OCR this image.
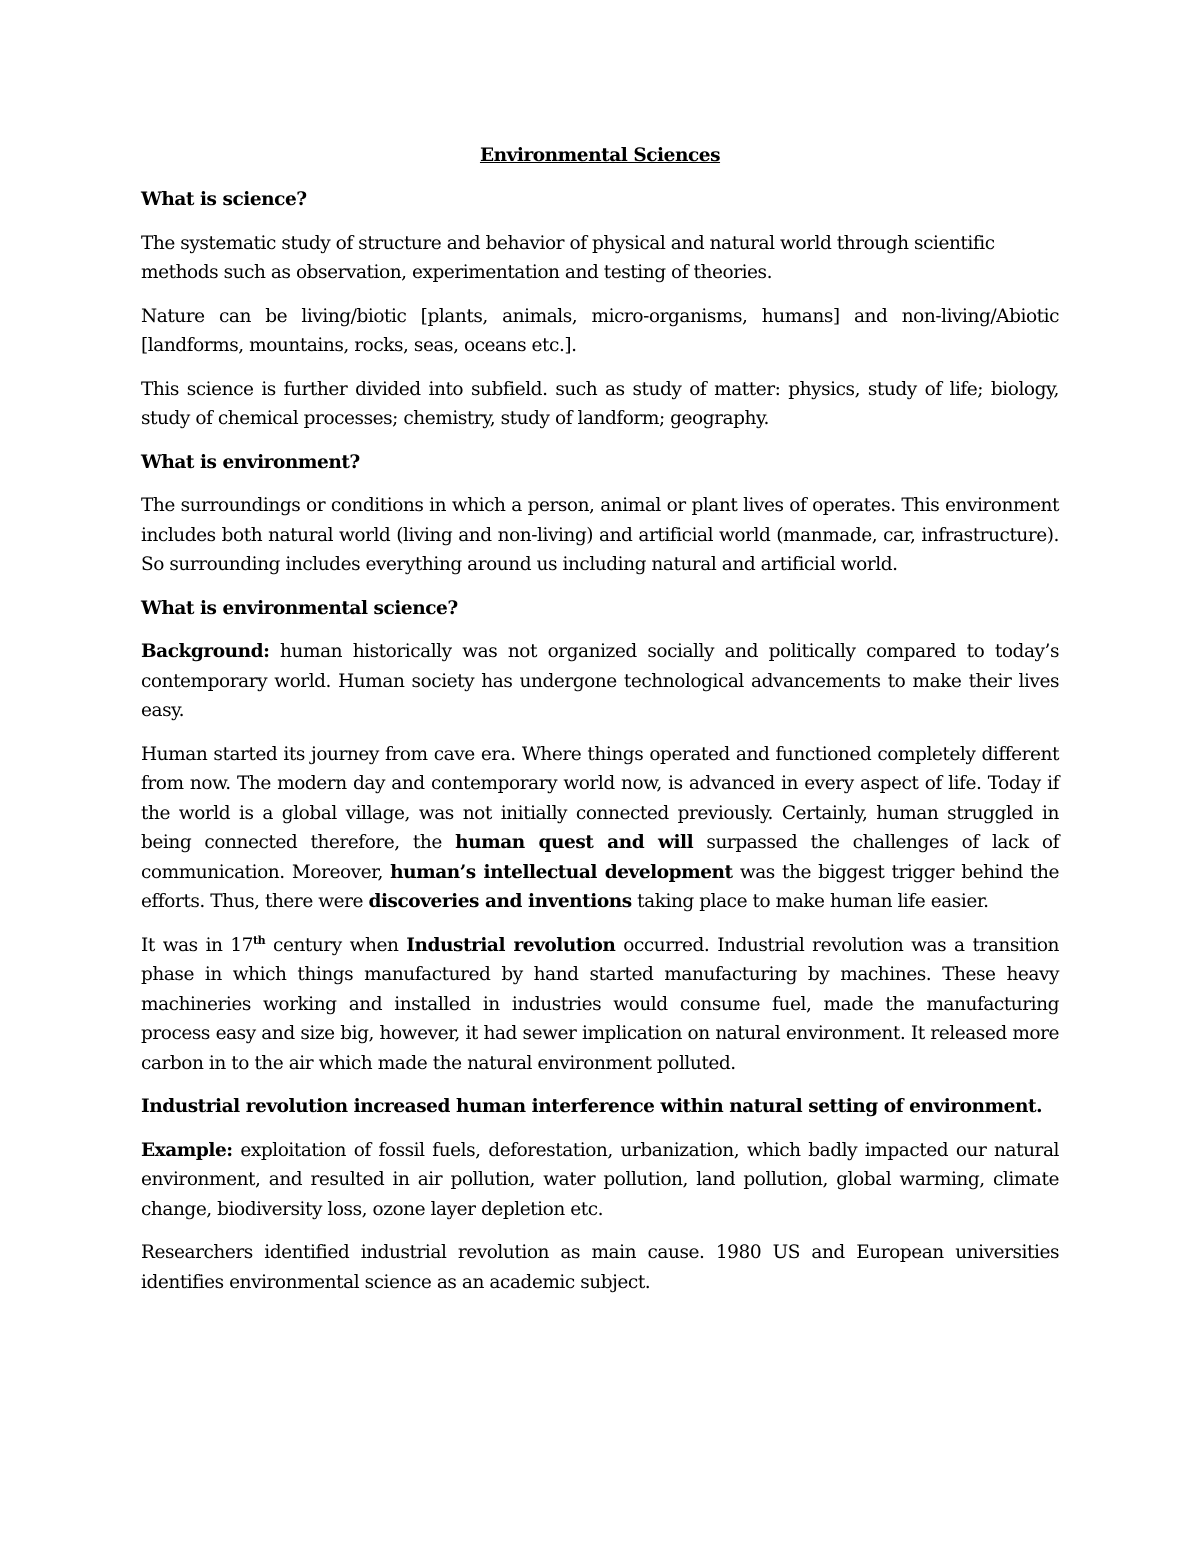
Environmental Sciences
What is science?
The systematic study of structure and behavior of physical and natural world through scientific methods such as observation, experimentation and testing of theories.
Nature can be living/biotic [plants, animals, micro-organisms, humans] and non-living/Abiotic [landforms, mountains, rocks, seas, oceans etc.].
This science is further divided into subfield. such as study of matter: physics, study of life; biology, study of chemical processes; chemistry, study of landform; geography.
What is environment?
The surroundings or conditions in which a person, animal or plant lives of operates. This environment includes both natural world (living and non-living) and artificial world (manmade, car, infrastructure). So surrounding includes everything around us including natural and artificial world.
What is environmental science?
Background: human historically was not organized socially and politically compared to today’s contemporary world. Human society has undergone technological advancements to make their lives easy.
Human started its journey from cave era. Where things operated and functioned completely different from now. The modern day and contemporary world now, is advanced in every aspect of life. Today if the world is a global village, was not initially connected previously. Certainly, human struggled in being connected therefore, the human quest and will surpassed the challenges of lack of communication. Moreover, human’s intellectual development was the biggest trigger behind the efforts. Thus, there were discoveries and inventions taking place to make human life easier.
It was in 17th century when Industrial revolution occurred. Industrial revolution was a transition phase in which things manufactured by hand started manufacturing by machines. These heavy machineries working and installed in industries would consume fuel, made the manufacturing process easy and size big, however, it had sewer implication on natural environment. It released more carbon in to the air which made the natural environment polluted.
Industrial revolution increased human interference within natural setting of environment.
Example: exploitation of fossil fuels, deforestation, urbanization, which badly impacted our natural environment, and resulted in air pollution, water pollution, land pollution, global warming, climate change, biodiversity loss, ozone layer depletion etc.
Researchers identified industrial revolution as main cause. 1980 US and European universities identifies environmental science as an academic subject.
